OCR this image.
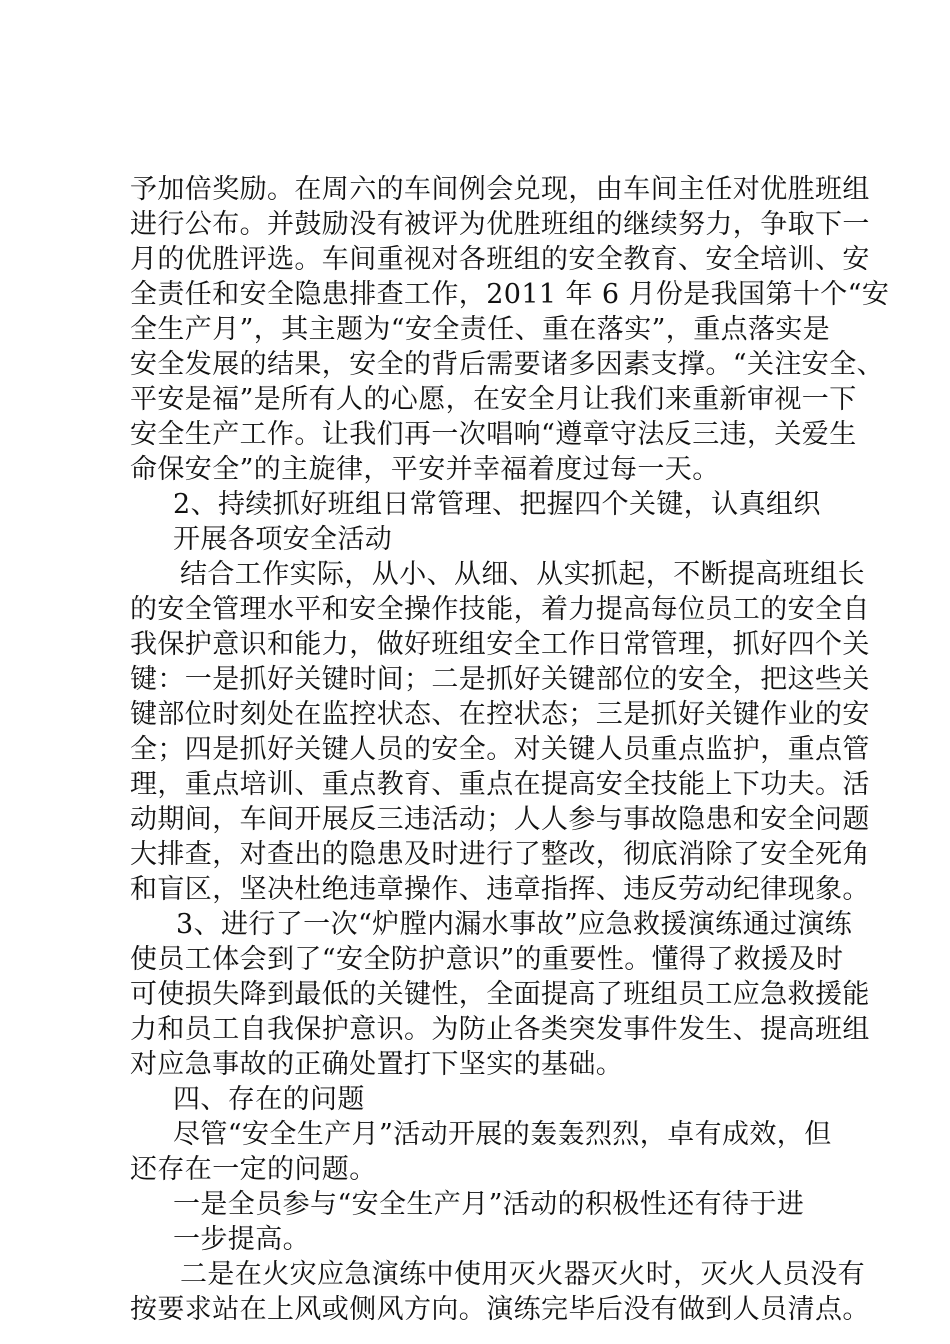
予加倍奖励。在周六的车间例会兑现，由车间主任对优胜班组
进行公布。并鼓励没有被评为优胜班组的继续努力，争取下一
月的优胜评选。车间重视对各班组的安全教育、安全培训、安
全责任和安全隐患排查工作，2011 年 6 月份是我国第十个“安
全生产月”，其主题为“安全责任、重在落实”，重点落实是
安全发展的结果，安全的背后需要诸多因素支撑。“关注安全、
平安是福”是所有人的心愿，在安全月让我们来重新审视一下
安全生产工作。让我们再一次唱响“遵章守法反三违，关爱生
命保安全”的主旋律，平安并幸福着度过每一天。
2、持续抓好班组日常管理、把握四个关键，认真组织
开展各项安全活动
结合工作实际，从小、从细、从实抓起，不断提高班组长
的安全管理水平和安全操作技能，着力提高每位员工的安全自
我保护意识和能力，做好班组安全工作日常管理，抓好四个关
键：一是抓好关键时间；二是抓好关键部位的安全，把这些关
键部位时刻处在监控状态、在控状态；三是抓好关键作业的安
全；四是抓好关键人员的安全。对关键人员重点监护，重点管
理，重点培训、重点教育、重点在提高安全技能上下功夫。活
动期间，车间开展反三违活动；人人参与事故隐患和安全问题
大排查，对查出的隐患及时进行了整改，彻底消除了安全死角
和盲区，坚决杜绝违章操作、违章指挥、违反劳动纪律现象。
3、进行了一次“炉膛内漏水事故”应急救援演练通过演练
使员工体会到了“安全防护意识”的重要性。懂得了救援及时
可使损失降到最低的关键性，全面提高了班组员工应急救援能
力和员工自我保护意识。为防止各类突发事件发生、提高班组
对应急事故的正确处置打下坚实的基础。
四、存在的问题
尽管“安全生产月”活动开展的轰轰烈烈，卓有成效，但
还存在一定的问题。
一是全员参与“安全生产月”活动的积极性还有待于进
一步提高。
二是在火灾应急演练中使用灭火器灭火时，灭火人员没有
按要求站在上风或侧风方向。演练完毕后没有做到人员清点。
